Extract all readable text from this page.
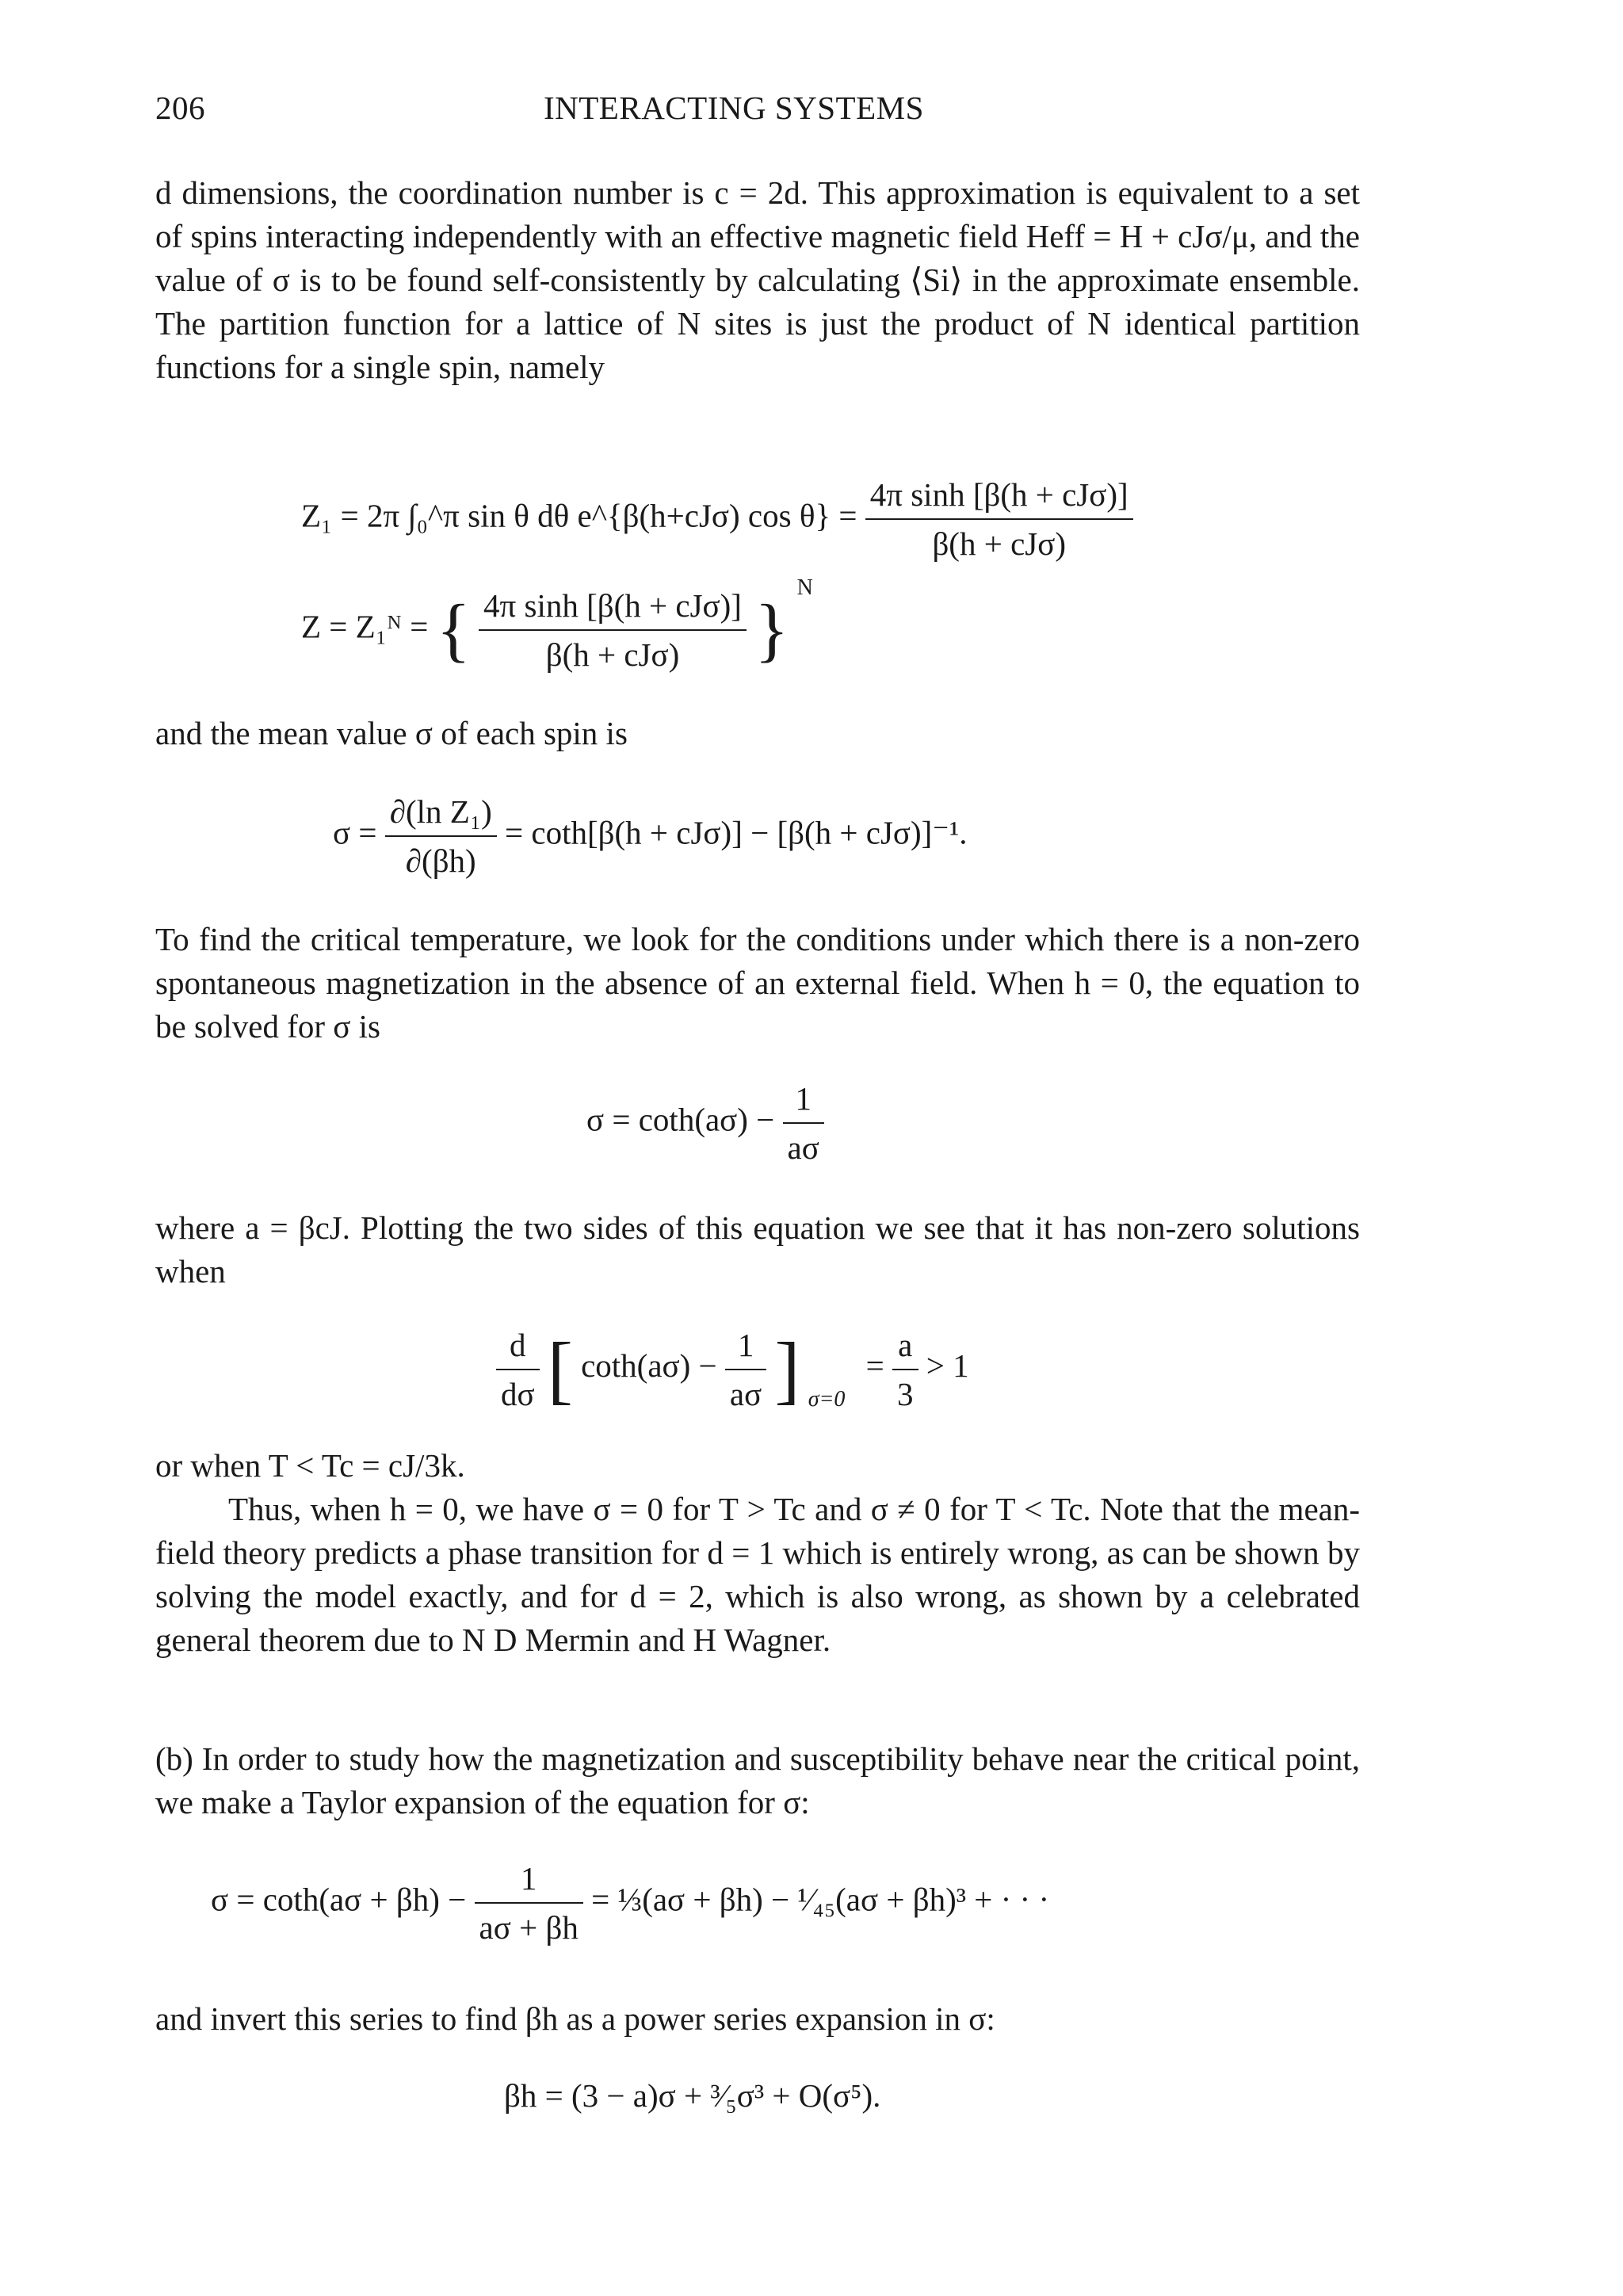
206	INTERACTING SYSTEMS
d dimensions, the coordination number is c = 2d. This approximation is equivalent to a set of spins interacting independently with an effective magnetic field Heff = H + cJσ/μ, and the value of σ is to be found self-consistently by calculating ⟨Si⟩ in the approximate ensemble. The partition function for a lattice of N sites is just the product of N identical partition functions for a single spin, namely
Z₁ = 2π ∫₀^π sin θ dθ e^{β(h+cJσ) $\cos \theta\} = \frac{\text{4π sinh [β(h + cJσ)]}}{\text{β(h + cJσ)}}$
Z = Z₁ᴺ = { $\frac{\text{4π sinh [β(h + cJσ)]}}{\text{β(h + cJσ)}}$ } $^N$
and the mean value σ of each spin is
$\sigma = \frac{\text{∂(ln Z₁)}}{\partial(\beta h)} = \cot h[\beta(h + cJ\sigma)] - [\beta(h + cJ\sigma)]^{-1}$.
To find the critical temperature, we look for the conditions under which there is a non-zero spontaneous magnetization in the absence of an external field. When h = 0, the equation to be solved for σ is
$\sigma = \cot h(a\sigma) - \frac{1}{a\sigma}$
where a = βcJ. Plotting the two sides of this equation we see that it has non-zero solutions when
$\frac{d}{d\sigma}$ [ $\cot h(a\sigma) - \frac{1}{a\sigma}$ ] $_{\sigma=0} = \frac{a}{3} > 1$
or when T < Tc = cJ/3k.
Thus, when h = 0, we have σ = 0 for T > Tc and σ ≠ 0 for T < Tc. Note that the mean-field theory predicts a phase transition for d = 1 which is entirely wrong, as can be shown by solving the model exactly, and for d = 2, which is also wrong, as shown by a celebrated general theorem due to N D Mermin and H Wagner.
(b) In order to study how the magnetization and susceptibility behave near the critical point, we make a Taylor expansion of the equation for σ:
$\sigma = \cot h(a\sigma + \beta h) - \frac{1}{a\sigma + \beta h}$ = ⅓(aσ + βh) − ¹⁄₄₅(aσ + βh)³ + · · ·
and invert this series to find βh as a power series expansion in σ:
βh = (3 − a)σ + ³⁄₅σ³ + O(σ⁵).
